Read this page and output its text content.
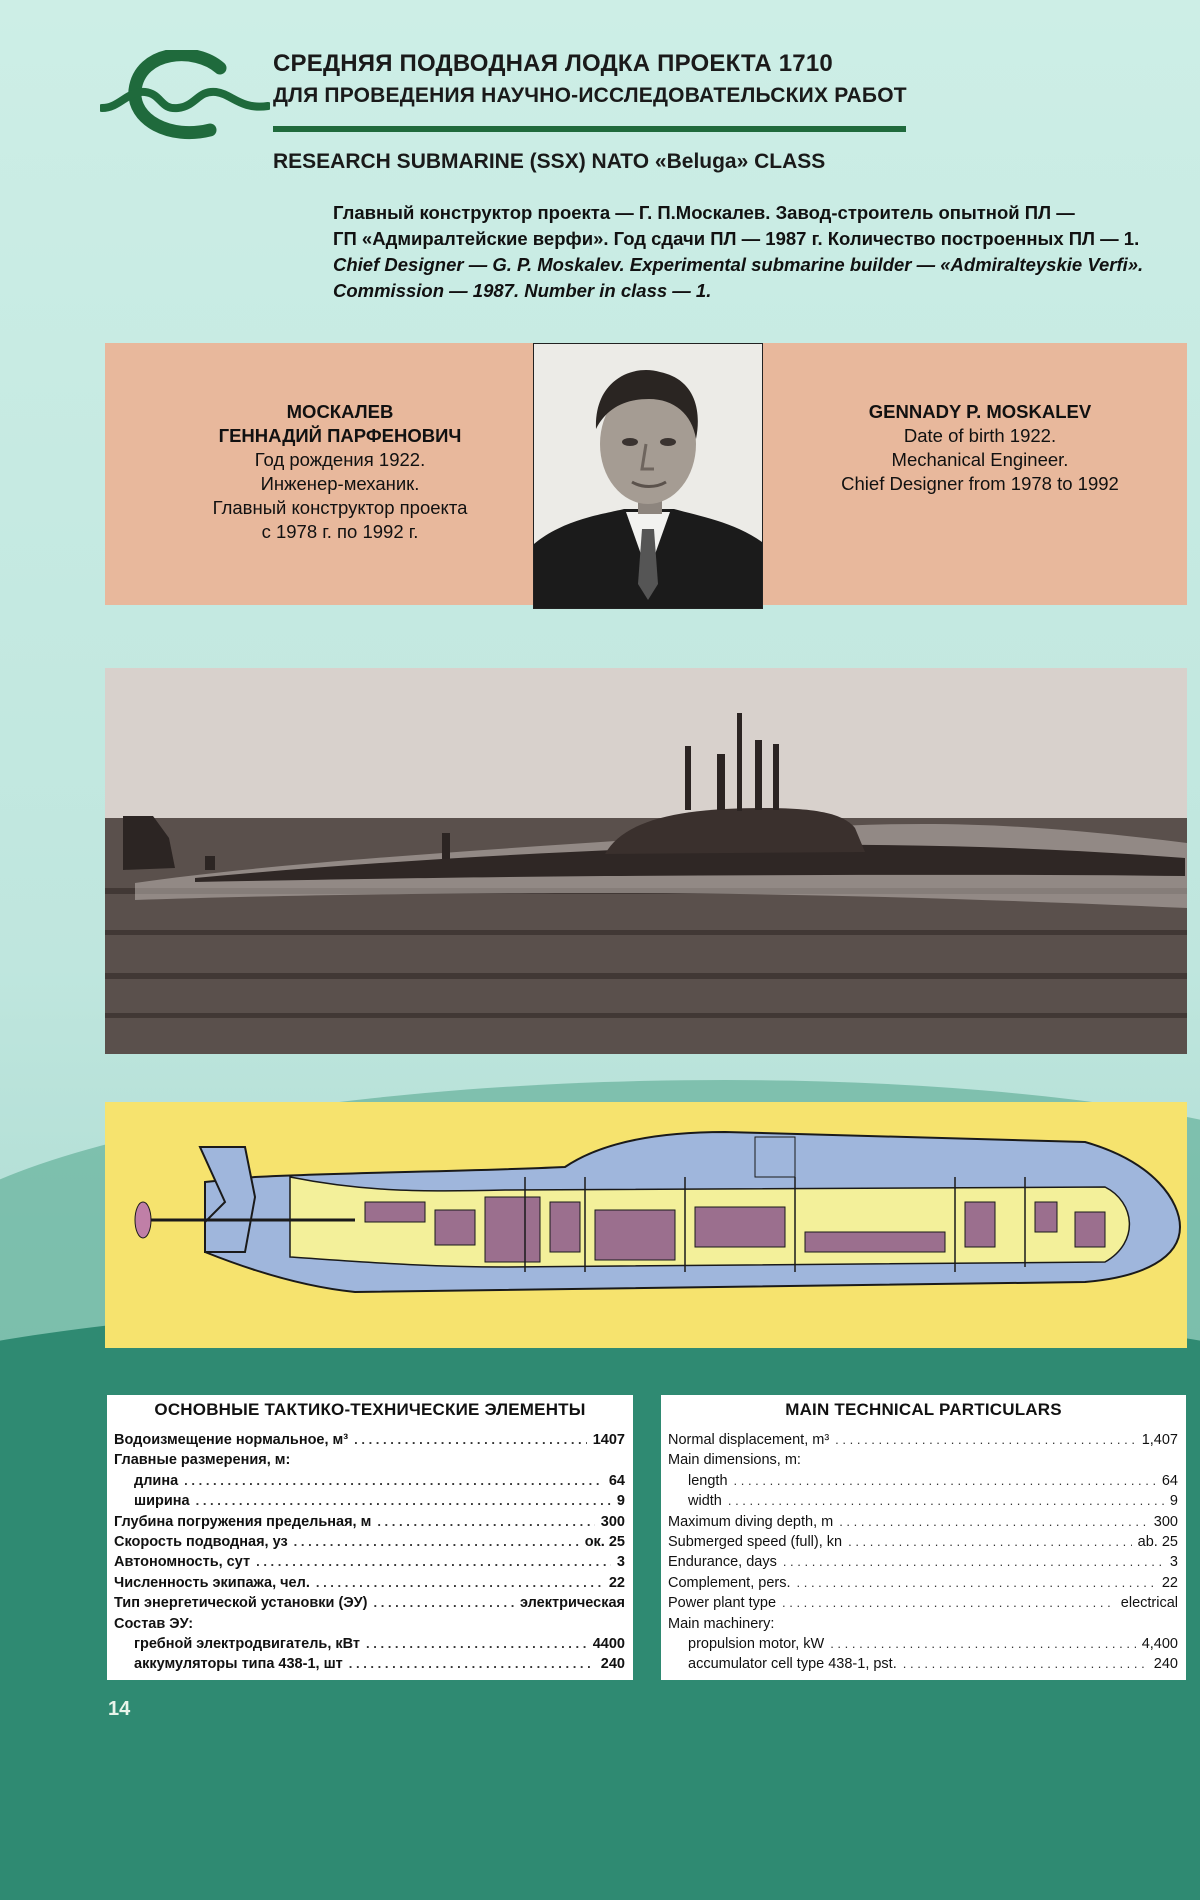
СРЕДНЯЯ ПОДВОДНАЯ ЛОДКА ПРОЕКТА 1710
ДЛЯ ПРОВЕДЕНИЯ НАУЧНО-ИССЛЕДОВАТЕЛЬСКИХ РАБОТ
RESEARCH SUBMARINE (SSX) NATO «Beluga» CLASS
Главный конструктор проекта — Г. П.Москалев. Завод-строитель опытной ПЛ —
ГП «Адмиралтейские верфи». Год сдачи ПЛ — 1987 г. Количество построенных ПЛ — 1.
Chief Designer — G. P. Moskalev. Experimental submarine builder — «Admiralteyskie Verfi».
Commission — 1987. Number in class — 1.
МОСКАЛЕВ
ГЕННАДИЙ ПАРФЕНОВИЧ
Год рождения 1922.
Инженер-механик.
Главный конструктор проекта
с 1978 г. по 1992 г.
GENNADY P. MOSKALEV
Date of birth 1922.
Mechanical Engineer.
Chief Designer from 1978 to 1992
ОСНОВНЫЕ ТАКТИКО-ТЕХНИЧЕСКИЕ ЭЛЕМЕНТЫ
Водоизмещение нормальное, м³ . . .	1407
Главные размерения, м:
длина . . .	64
ширина . . .	9
Глубина погружения предельная, м . . .	300
Скорость подводная, уз . . .	ок. 25
Автономность, сут . . .	3
Численность экипажа, чел. . . .	22
Тип энергетической установки (ЭУ) . . .	электрическая
Состав ЭУ:
гребной электродвигатель, кВт . . .	4400
аккумуляторы типа 438-1, шт . . .	240
MAIN TECHNICAL PARTICULARS
Normal displacement, m³ . . .	1,407
Main dimensions, m:
length . . .	64
width . . .	9
Maximum diving depth, m . . .	300
Submerged speed (full), kn . . .	ab. 25
Endurance, days . . .	3
Complement, pers. . . .	22
Power plant type . . .	electrical
Main machinery:
propulsion motor, kW . . .	4,400
accumulator cell type 438-1, pst. . . .	240
14
